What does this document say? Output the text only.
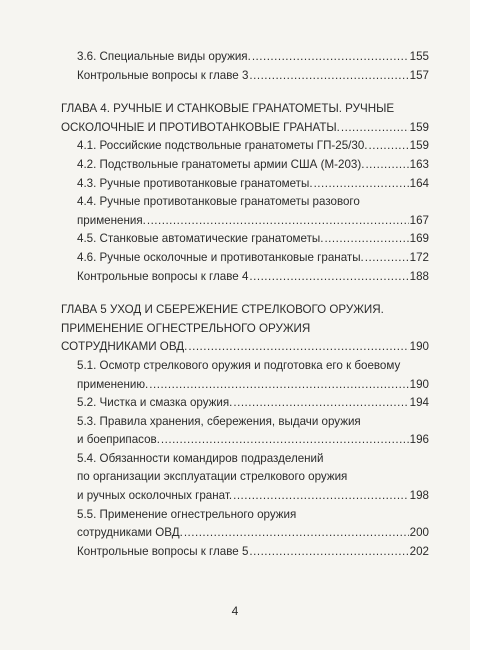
3.6. Специальные виды оружия. .....	155
Контрольные вопросы к главе 3 .....	157
ГЛАВА 4. РУЧНЫЕ И СТАНКОВЫЕ ГРАНАТОМЕТЫ. РУЧНЫЕ
ОСКОЛОЧНЫЕ И ПРОТИВОТАНКОВЫЕ ГРАНАТЫ. .....	159
4.1. Российские подствольные гранатометы ГП-25/30. .....	159
4.2. Подствольные гранатометы армии США (М-203). .....	163
4.3. Ручные противотанковые гранатометы. .....	164
4.4. Ручные противотанковые гранатометы разового
применения. .....	167
4.5. Станковые автоматические гранатометы. .....	169
4.6. Ручные осколочные и противотанковые гранаты. .....	172
Контрольные вопросы к главе 4 .....	188
ГЛАВА 5 УХОД И СБЕРЕЖЕНИЕ СТРЕЛКОВОГО ОРУЖИЯ.
ПРИМЕНЕНИЕ ОГНЕСТРЕЛЬНОГО ОРУЖИЯ
СОТРУДНИКАМИ ОВД. .....	190
5.1. Осмотр стрелкового оружия и подготовка его к боевому
применению. .....	190
5.2. Чистка и смазка оружия. .....	194
5.3. Правила хранения, сбережения, выдачи оружия
и боеприпасов. .....	196
5.4. Обязанности командиров подразделений
по организации эксплуатации стрелкового оружия
и ручных осколочных гранат. .....	198
5.5. Применение огнестрельного оружия
сотрудниками ОВД. .....	200
Контрольные вопросы к главе 5 .....	202
4
